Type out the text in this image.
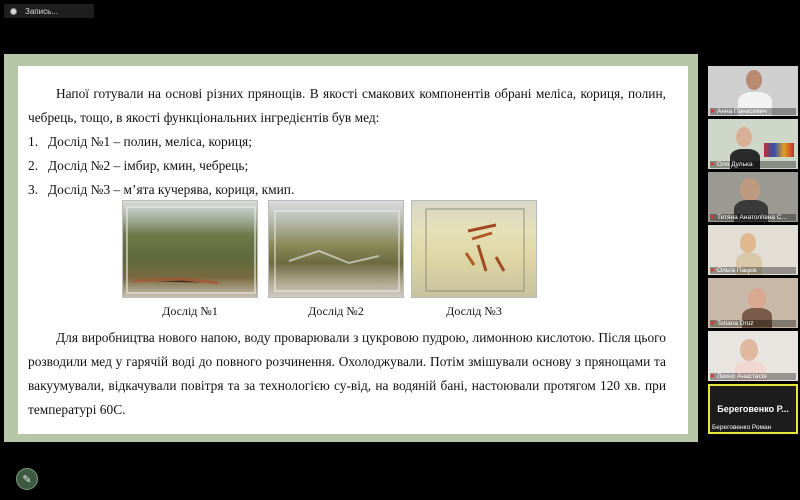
Запись...

Напої готували на основі різних прянощів. В якості смакових компонентів обрані меліса, кориця, полин, чебрець, тощо, в якості функціональних інгредієнтів був мед:

1. Дослід №1 – полин, меліса, кориця;
2. Дослід №2 – імбир, кмин, чебрець;
3. Дослід №3 – м’ята кучерява, кориця, кмип.
Дослід №1	Дослід №2	Дослід №3

Для виробництва нового напою, воду проварювали з цукровою пудрою, лимонною кислотою. Після цього розводили мед у гарячій воді до повного розчинення. Охолоджували. Потім змішували основу з прянощами та вакуумували, відкачували повітря та за технологією су-від, на водяній бані, настоювали протягом 120 хв. при температурі 60С.

✎
✖ Анна Панасевич
✖ Оля Дулька
✖ Тетяна Анатоліївна С...
✖ Ольга Пацюк
✖ Tetiana Druz
✖ Лахно Анастасія
Береговенко Р...
Береговенко Роман
